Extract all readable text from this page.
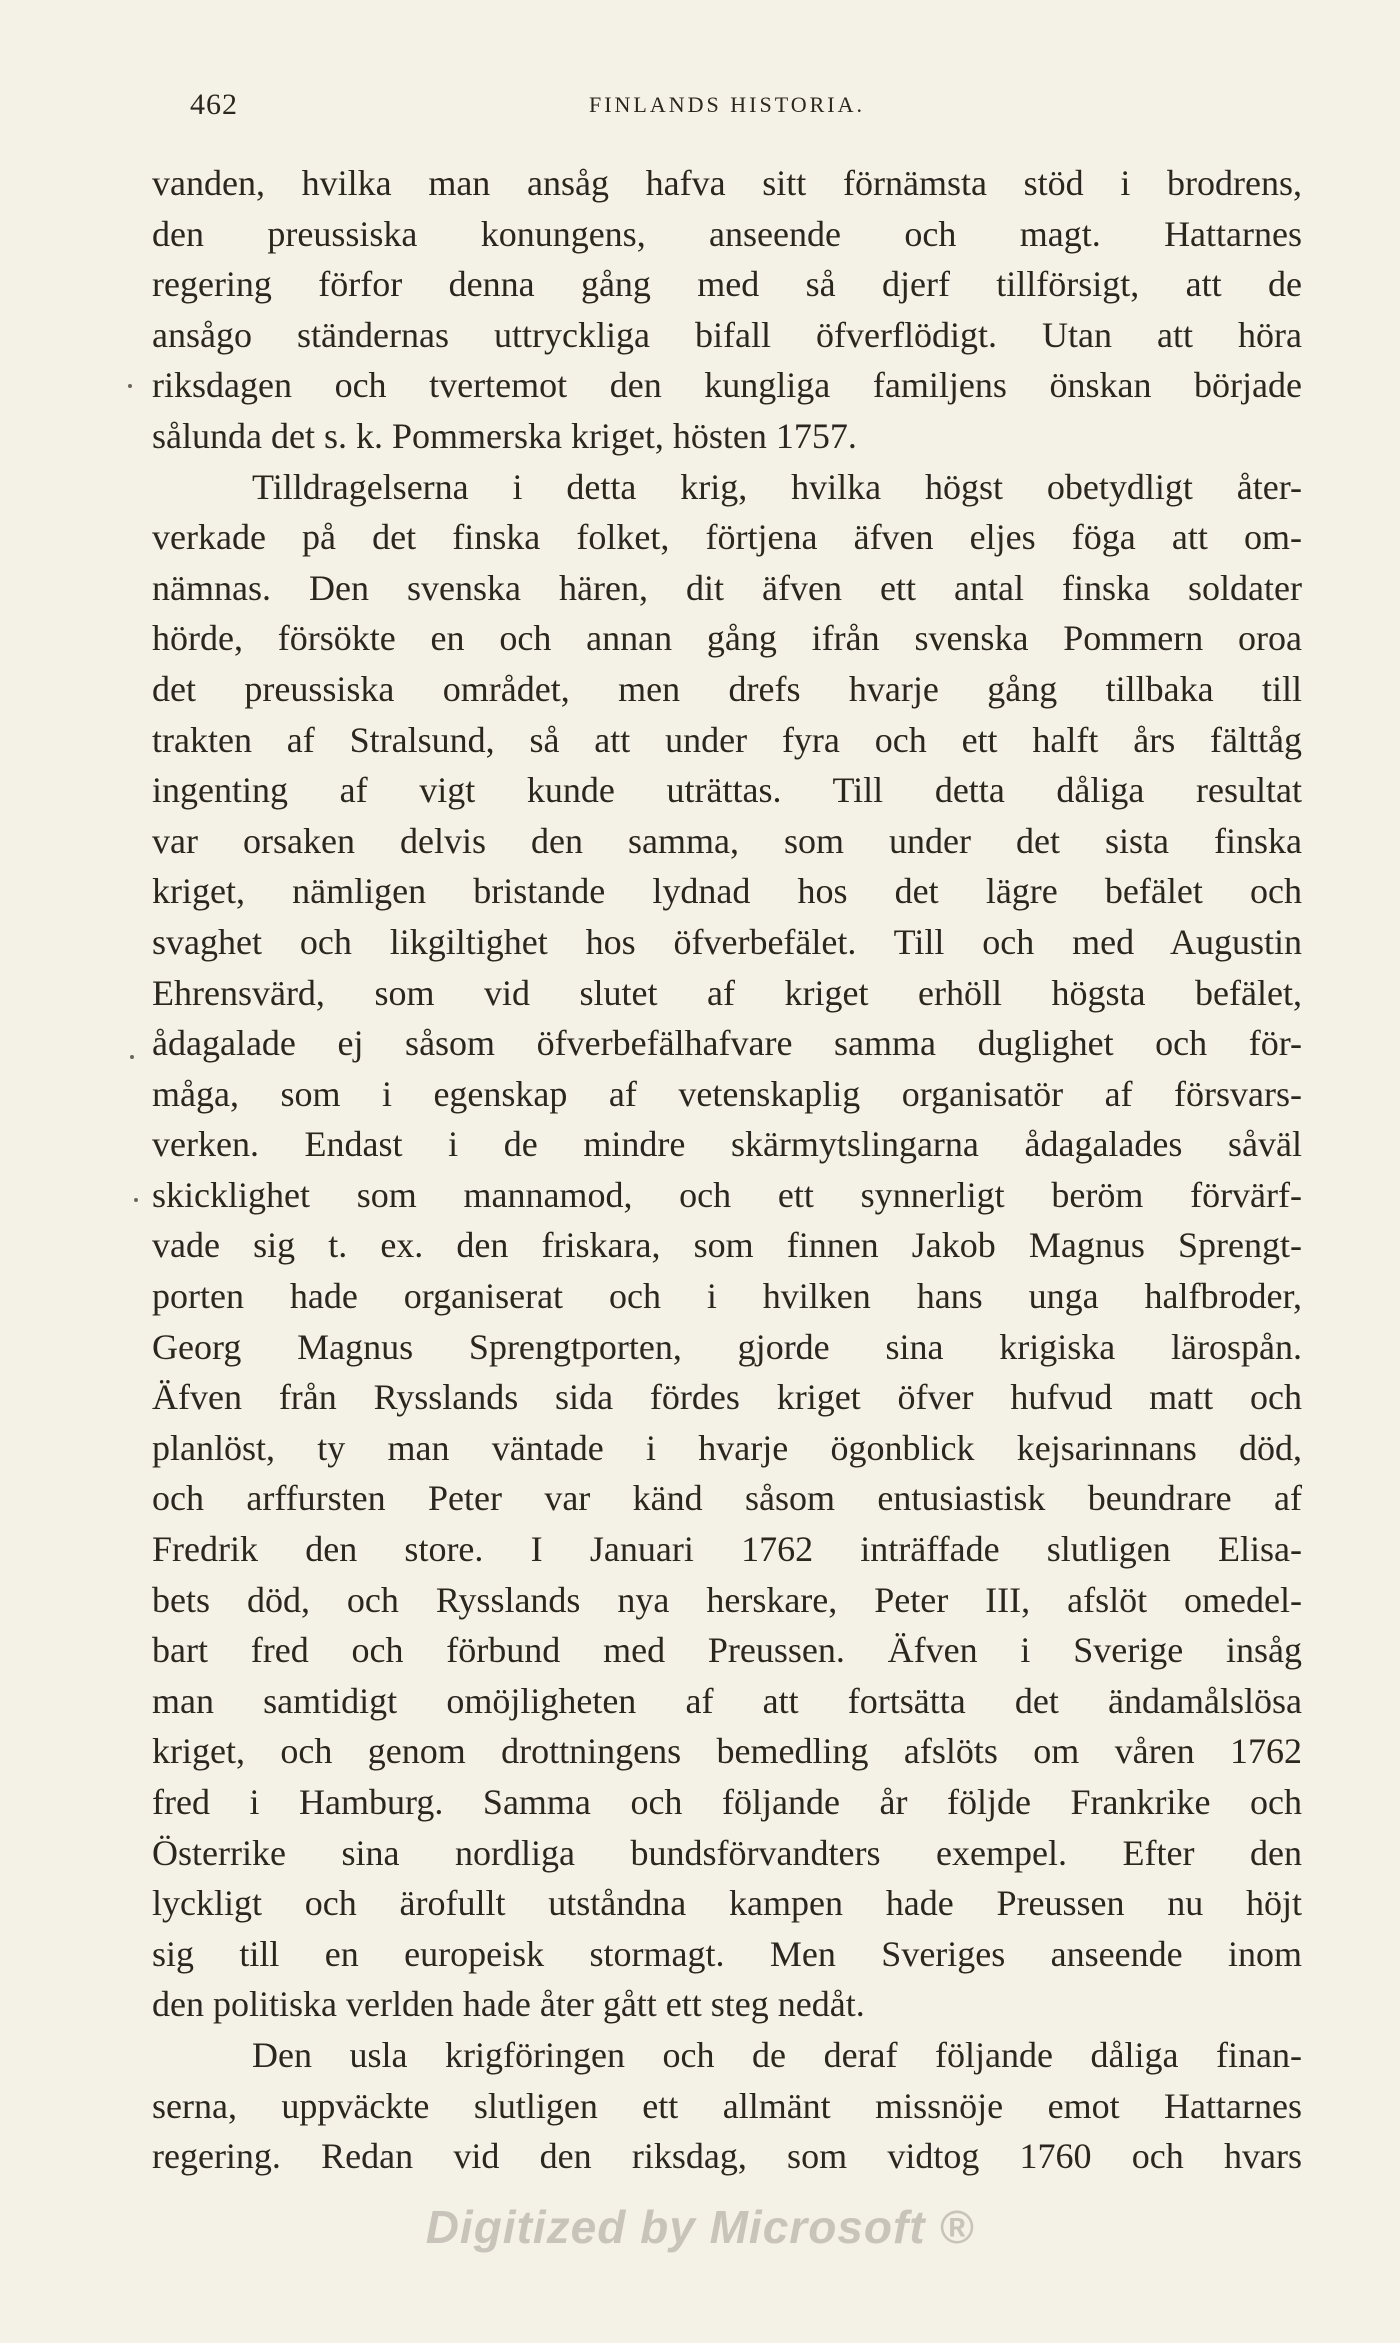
462	FINLANDS HISTORIA.
vanden, hvilka man ansåg hafva sitt förnämsta stöd i brodrens,
den preussiska konungens, anseende och magt. Hattarnes
regering förfor denna gång med så djerf tillförsigt, att de
ansågo ständernas uttryckliga bifall öfverflödigt. Utan att höra
riksdagen och tvertemot den kungliga familjens önskan började
sålunda det s. k. Pommerska kriget, hösten 1757.
Tilldragelserna i detta krig, hvilka högst obetydligt åter-
verkade på det finska folket, förtjena äfven eljes föga att om-
nämnas. Den svenska hären, dit äfven ett antal finska soldater
hörde, försökte en och annan gång ifrån svenska Pommern oroa
det preussiska området, men drefs hvarje gång tillbaka till
trakten af Stralsund, så att under fyra och ett halft års fälttåg
ingenting af vigt kunde uträttas. Till detta dåliga resultat
var orsaken delvis den samma, som under det sista finska
kriget, nämligen bristande lydnad hos det lägre befälet och
svaghet och likgiltighet hos öfverbefälet. Till och med Augustin
Ehrensvärd, som vid slutet af kriget erhöll högsta befälet,
ådagalade ej såsom öfverbefälhafvare samma duglighet och för-
måga, som i egenskap af vetenskaplig organisatör af försvars-
verken. Endast i de mindre skärmytslingarna ådagalades såväl
skicklighet som mannamod, och ett synnerligt beröm förvärf-
vade sig t. ex. den friskara, som finnen Jakob Magnus Sprengt-
porten hade organiserat och i hvilken hans unga halfbroder,
Georg Magnus Sprengtporten, gjorde sina krigiska lärospån.
Äfven från Rysslands sida fördes kriget öfver hufvud matt och
planlöst, ty man väntade i hvarje ögonblick kejsarinnans död,
och arffursten Peter var känd såsom entusiastisk beundrare af
Fredrik den store. I Januari 1762 inträffade slutligen Elisa-
bets död, och Rysslands nya herskare, Peter III, afslöt omedel-
bart fred och förbund med Preussen. Äfven i Sverige insåg
man samtidigt omöjligheten af att fortsätta det ändamålslösa
kriget, och genom drottningens bemedling afslöts om våren 1762
fred i Hamburg. Samma och följande år följde Frankrike och
Österrike sina nordliga bundsförvandters exempel. Efter den
lyckligt och ärofullt utståndna kampen hade Preussen nu höjt
sig till en europeisk stormagt. Men Sveriges anseende inom
den politiska verlden hade åter gått ett steg nedåt.
Den usla krigföringen och de deraf följande dåliga finan-
serna, uppväckte slutligen ett allmänt missnöje emot Hattarnes
regering. Redan vid den riksdag, som vidtog 1760 och hvars
Digitized by Microsoft ®
